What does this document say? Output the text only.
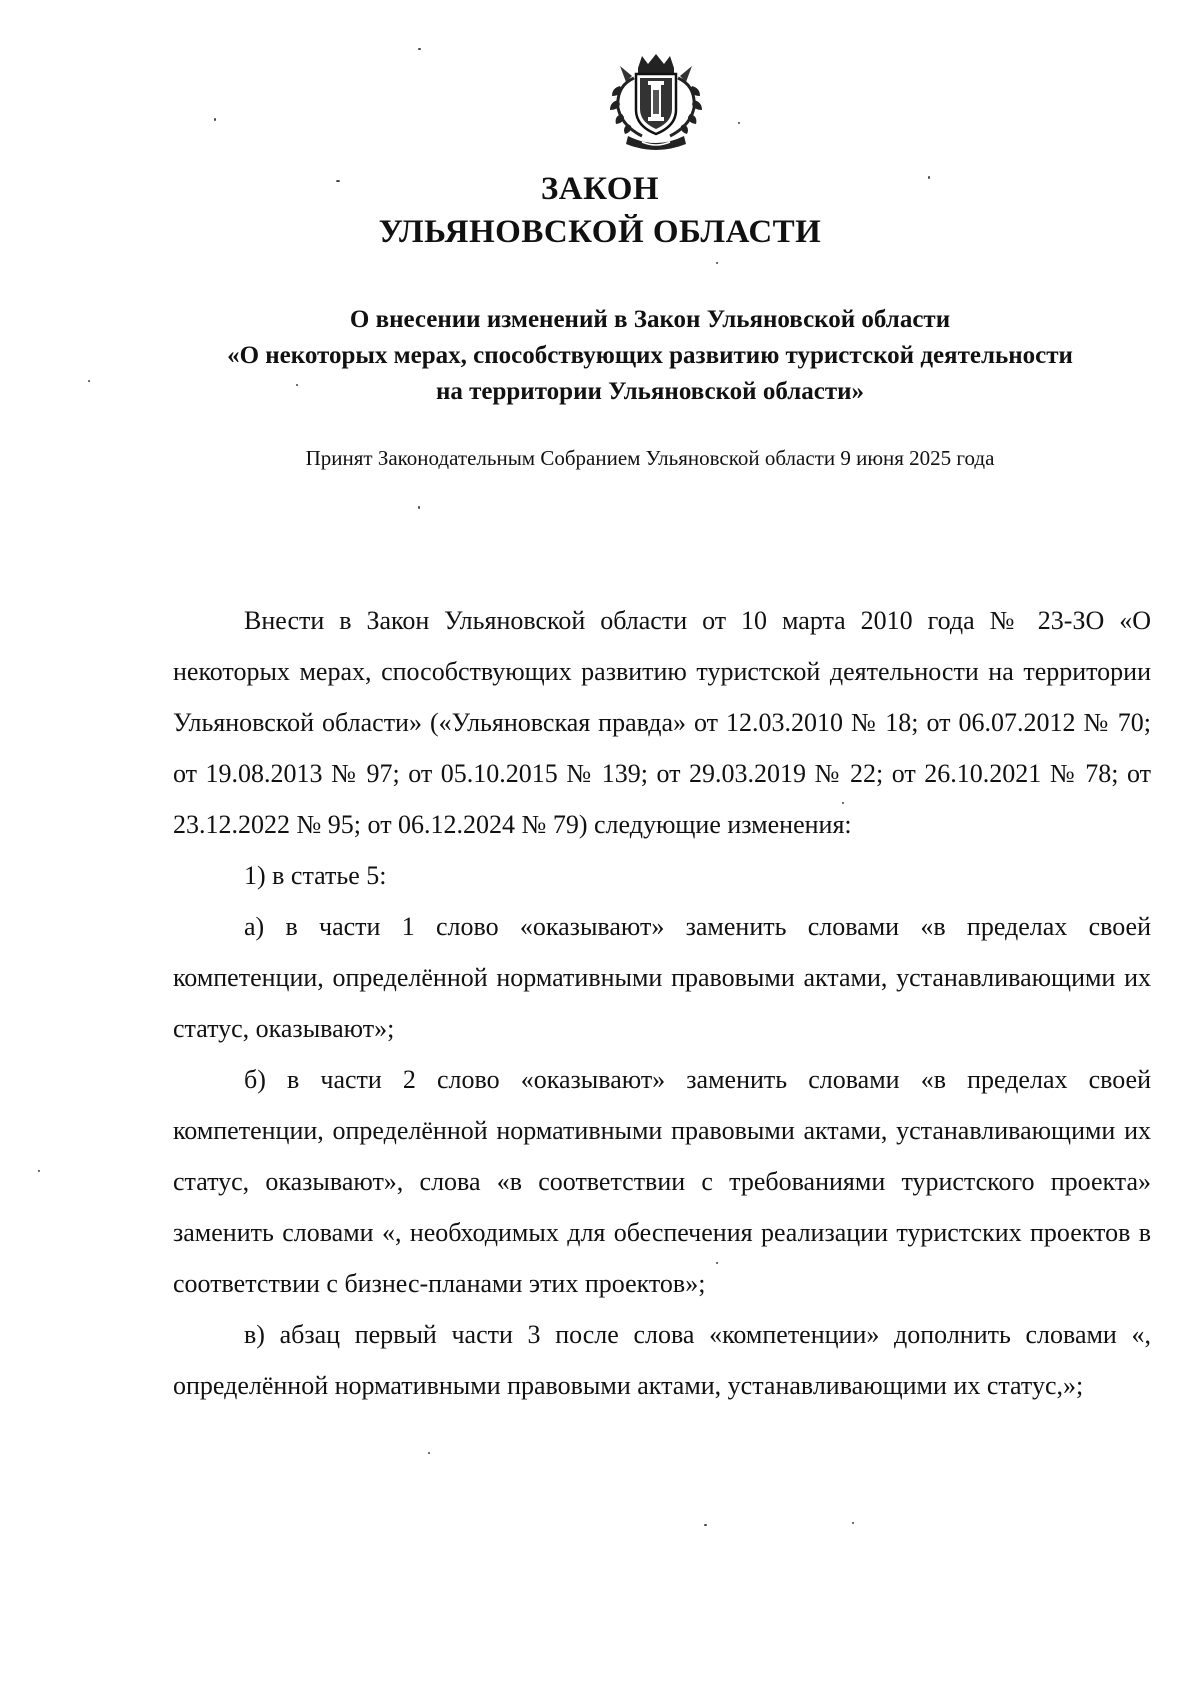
ЗАКОН
УЛЬЯНОВСКОЙ ОБЛАСТИ
О внесении изменений в Закон Ульяновской области
«О некоторых мерах, способствующих развитию туристской деятельности
на территории Ульяновской области»
Принят Законодательным Собранием Ульяновской области 9 июня 2025 года

Внести в Закон Ульяновской области от 10 марта 2010 года № 23-ЗО «О некоторых мерах, способствующих развитию туристской деятельности на территории Ульяновской области» («Ульяновская правда» от 12.03.2010 № 18; от 06.07.2012 № 70; от 19.08.2013 № 97; от 05.10.2015 № 139; от 29.03.2019 № 22; от 26.10.2021 № 78; от 23.12.2022 № 95; от 06.12.2024 № 79) следующие изменения:

1) в статье 5:

а) в части 1 слово «оказывают» заменить словами «в пределах своей компетенции, определённой нормативными правовыми актами, устанавливающими их статус, оказывают»;

б) в части 2 слово «оказывают» заменить словами «в пределах своей компетенции, определённой нормативными правовыми актами, устанавливающими их статус, оказывают», слова «в соответствии с требованиями туристского проекта» заменить словами «, необходимых для обеспечения реализации туристских проектов в соответствии с бизнес-планами этих проектов»;

в) абзац первый части 3 после слова «компетенции» дополнить словами «, определённой нормативными правовыми актами, устанавливающими их статус,»;
